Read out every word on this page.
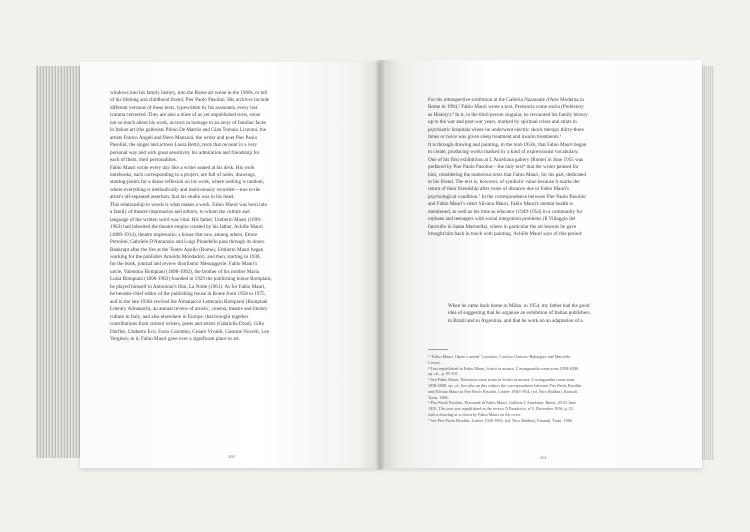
windows into his family history, into the Rome art scene in the 1960s, or tell
of his lifelong and childhood friend, Pier Paolo Pasolini. His archives include
different versions of these texts, typewritten by his assistants, every last
comma corrected. They are also a mine of as yet unpublished texts, some
not so much about his work, as texts in homage to an array of familiar faces
in Italian art (the gallerists Plinio De Martiis and Gian Tomaso Liverani, the
artists Franco Angeli and Piero Manzoni, the writer and poet Pier Paolo
Pasolini, the singer and actress Laura Betti); texts that recount in a very
personal way and with great sensitivity his admiration and friendship for
each of them, their personalities.
Fabio Mauri wrote every day like a writer seated at his desk. His work
notebooks, each corresponding to a project, are full of notes, drawings,
starting-points for a dense reflexion on his work, where nothing is random,
where everything is methodically and meticulously recorded—true to the
artist's oft-repeated assertion, that his studio was in his head.
This relationship to words is what makes a work. Fabio Mauri was born into
a family of theatre impresarios and editors, to whom the culture and
language of the written word was vital. His father, Umberto Mauri (1899-
1963) had inherited the theatre empire created by his father, Achille Mauri
(1869-1914), theatre impresario; a house that saw, among others, Ettore
Petrolini, Gabriele D'Annunzio and Luigi Pirandello pass through its doors.
Bankrupt after the fire at the Teatro Apollo (Rome), Umberto Mauri began
working for the publisher Arnoldo Mondadori, and then, starting in 1938,
for the book, journal and review distributor Messaggerie. Fabio Mauri's
uncle, Valentino Bompiani (1898-1992), the brother of his mother Maria
Luisa Bompiani (1896-1983) founded in 1929 the publishing house Bompiani;
he played himself in Antonioni's film, La Notte (1961). As for Fabio Mauri,
he became chief editor of the publishing house in Rome from 1958 to 1975,
and in the late 1930s revived the Almanacco Letterario Bompiani (Bompiani
Literary Almanach), an annual review of artistic, cinema, theatre and literary
culture in Italy, and also elsewhere in Europe, that brought together
contributions from current writers, poets and artists (Gabriella Drudi, Gillo
Dorfles, Umberto Eco, Furio Colombo, Cesare Vivaldi, Gastone Novelli, Leo
Vergine); in it, Fabio Mauri gave over a significant place to art.
For his retrospective exhibition at the Galleria Nazionale d'Arte Moderna in
Rome in 1994,³ Fabio Mauri wrote a text, Preistoria come storia (Prehistory
as History).⁴ In it, in the third person singular, he recounted his family history
up to the war and post-war years, marked by spiritual crises and stints in
psychiatric hospitals where he underwent electric shock therapy thirty-three
times or twice was given sleep treatment and insulin treatments.⁵
It is through drawing and painting, in the mid-1950s, that Fabio Mauri began
to create, producing works marked by a kind of expressionist vocabulary.
One of his first exhibitions at L'Aureliana gallery (Rome) in June 1955 was
prefaced by Pier Paolo Pasolini—the only text⁶ that the writer penned for
him, considering the numerous texts that Fabio Mauri, for his part, dedicated
to his friend. The text is, however, of symbolic value because it marks the
return of their friendship after years of distance due to Fabio Mauri's
psychological condition.⁷ In the correspondence between Pier Paolo Pasolini
and Fabio Mauri's sister Silvana Mauri, Fabio Mauri's mental health is
mentioned, as well as his time as educator (1949-1954) in a community for
orphans and teenagers with social integration problems (Il Villaggio del
fanciullo in Santa Marinella), where in particular the art lessons he gave
brought him back in touch with painting. Achille Mauri says of this period:
When he came back home to Milan, in 1954, my father had the good
idea of suggesting that he organise an exhibition of Italian publishers
in Brazil and in Argentina, and that he work on an adaptation of a
³ "Fabio Mauri. Opere e azioni" (curators: Carolyn Christov-Bakargiev and Marcella
Cossu).
⁴ Text republished in Fabio Mauri, Scritti in mostra. L'avanguardia come zona 1958-2008,
op. cit., p. 95-101.
⁵ See Fabio Mauri, Preistoria come storia in Scritti in mostra. L'avanguardia come zona
1958-2008, op. cit. See also on this subject the correspondence between Pier Paolo Pasolini
and Silvana Mauri in Pier Paolo Pasolini, Lettere 1940-1954, (ed. Nico Baldini), Einaudi,
Turin, 1986.
⁶ Pier Paolo Pasolini, Personale di Fabio Mauri, Galleria L'Aureliana, Rome, 20-25 June
1955. This text was republished in the review Il Paradosso, n°2, December 1956, p. 21,
with a drawing of a clown by Fabio Mauri on the cover.
⁷ See Pier Paolo Pasolini, Lettere 1940-1954, (ed. Nico Baldini), Einaudi, Turin, 1986.
260	261
